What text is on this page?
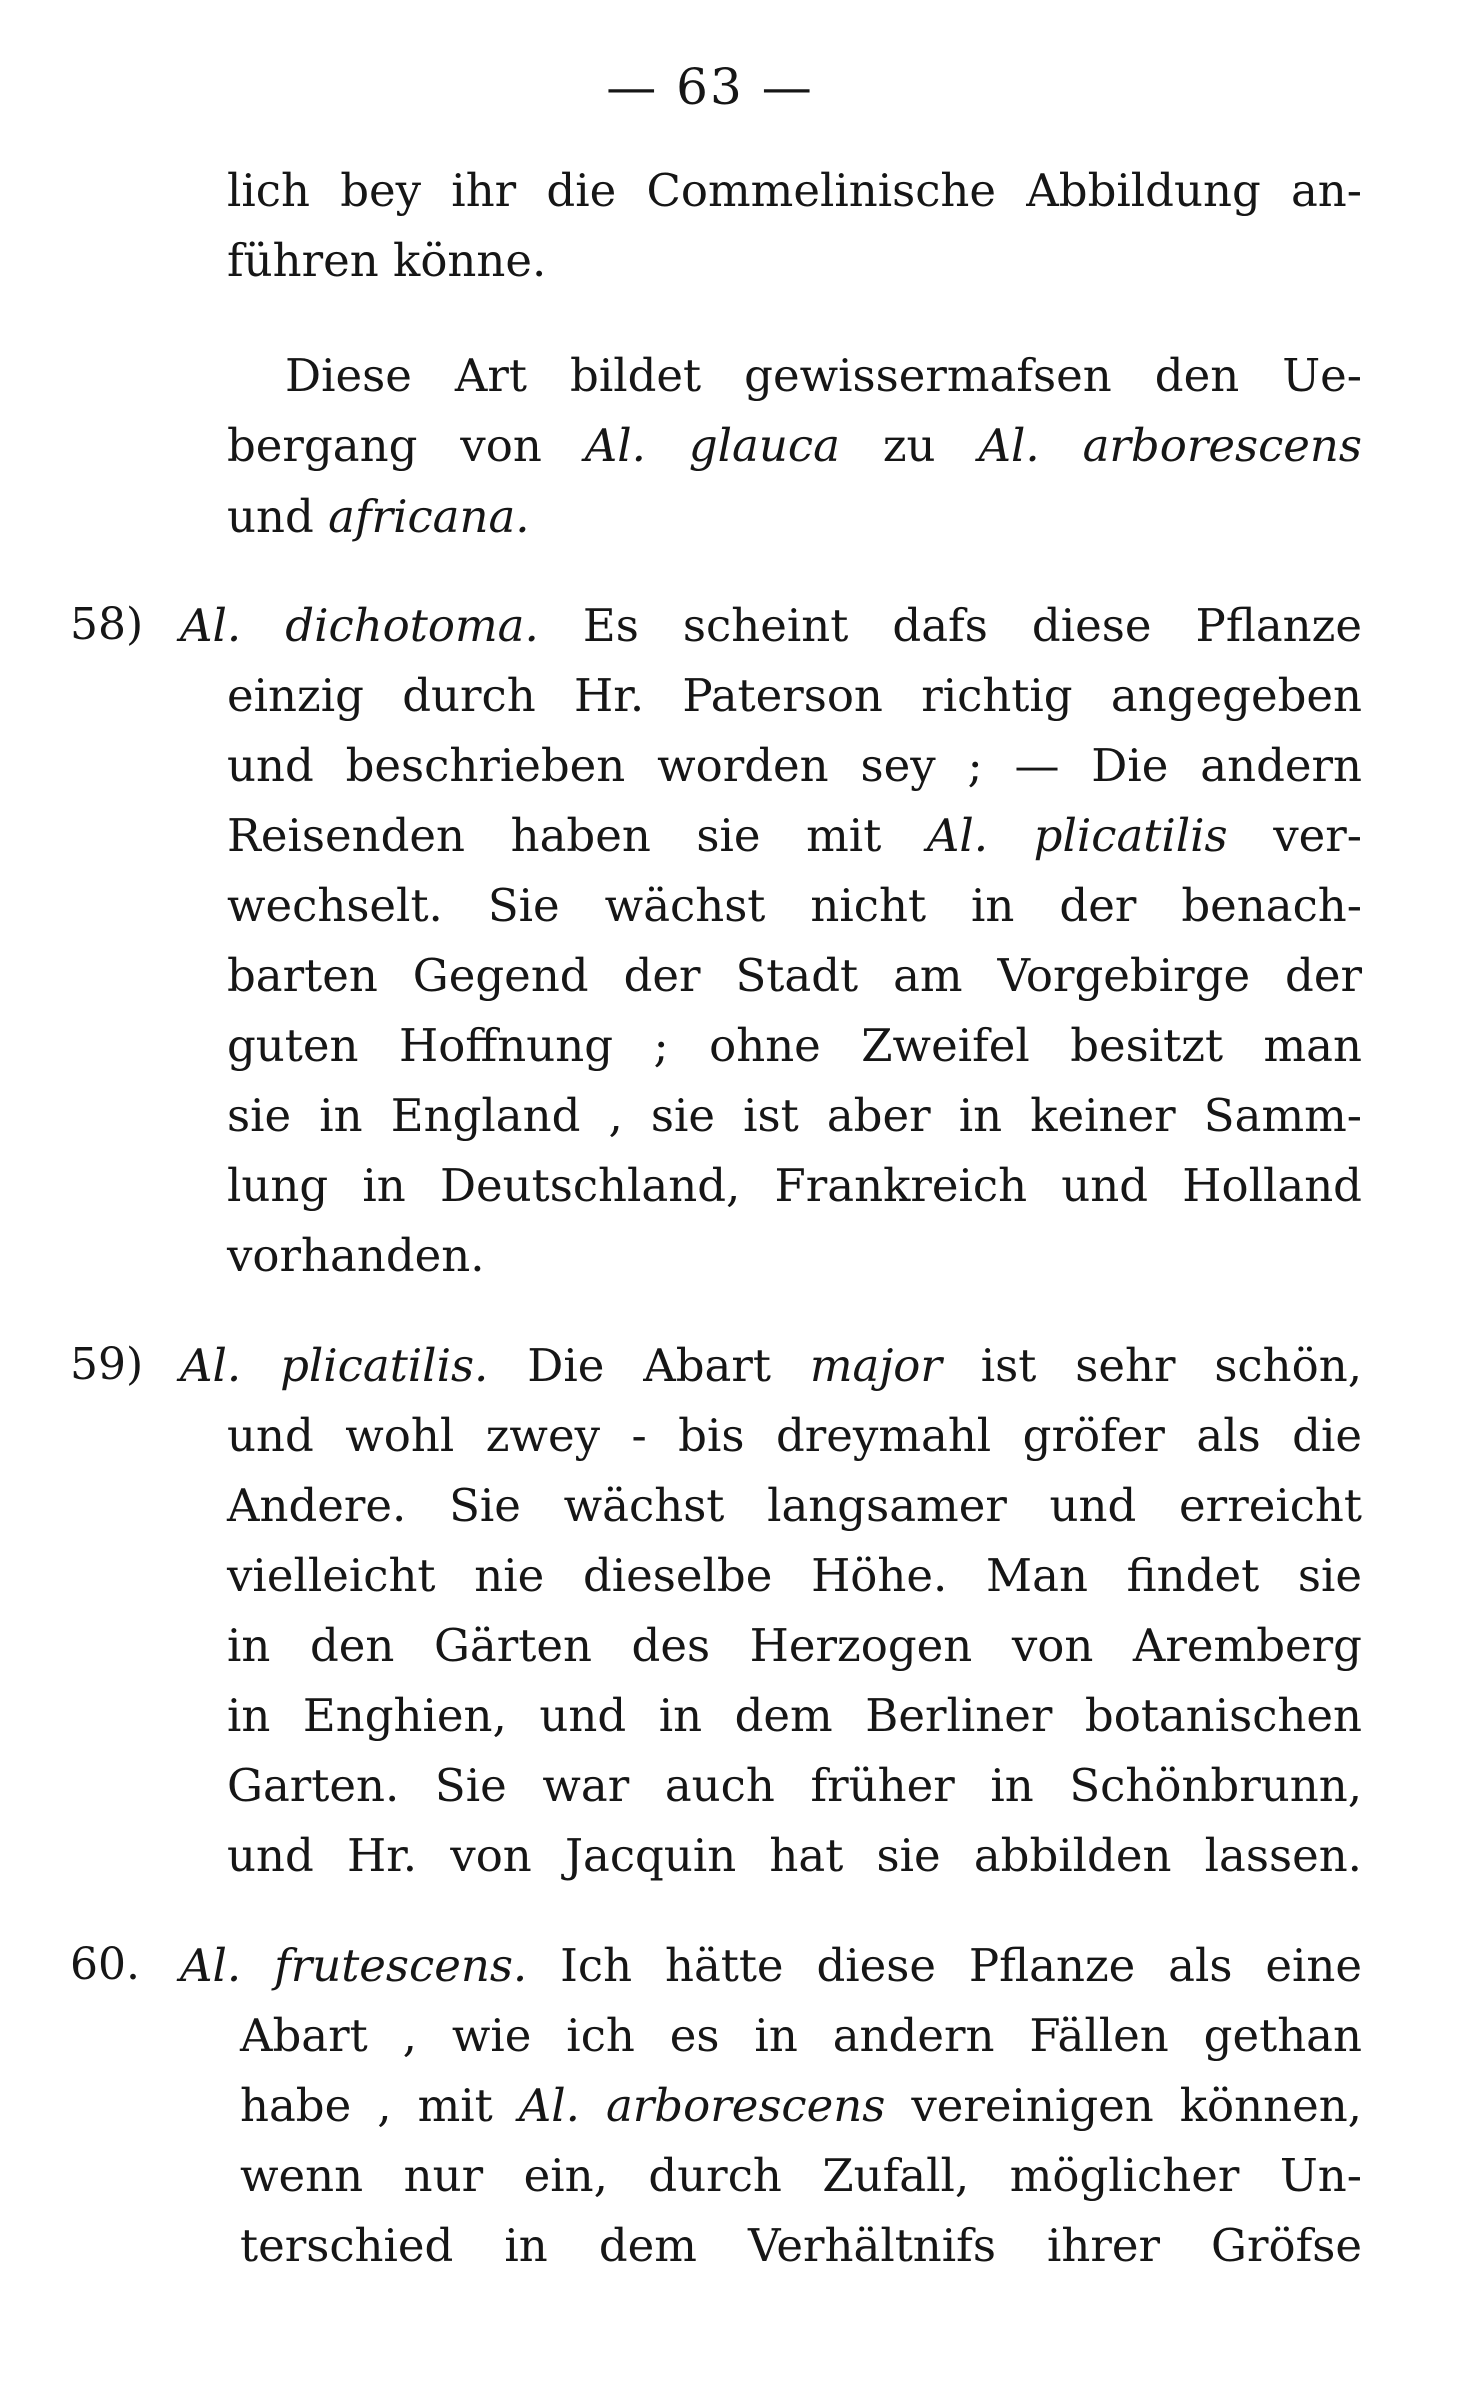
— 63 —
lich bey ihr die Commelinische Abbildung an-
führen könne.
Diese Art bildet gewissermafsen den Ue-
bergang von Al. glauca zu Al. arborescens
und africana.
58) Al. dichotoma. Es scheint dafs diese Pflanze
einzig durch Hr. Paterson richtig angegeben
und beschrieben worden sey ; — Die andern
Reisenden haben sie mit Al. plicatilis ver-
wechselt. Sie wächst nicht in der benach-
barten Gegend der Stadt am Vorgebirge der
guten Hoffnung ; ohne Zweifel besitzt man
sie in England , sie ist aber in keiner Samm-
lung in Deutschland, Frankreich und Holland
vorhanden.
59) Al. plicatilis. Die Abart major ist sehr schön,
und wohl zwey - bis dreymahl gröfer als die
Andere. Sie wächst langsamer und erreicht
vielleicht nie dieselbe Höhe. Man findet sie
in den Gärten des Herzogen von Aremberg
in Enghien, und in dem Berliner botanischen
Garten. Sie war auch früher in Schönbrunn,
und Hr. von Jacquin hat sie abbilden lassen.
60. Al. frutescens. Ich hätte diese Pflanze als eine
Abart , wie ich es in andern Fällen gethan
habe , mit Al. arborescens vereinigen können,
wenn nur ein, durch Zufall, möglicher Un-
terschied in dem Verhältnifs ihrer Gröfse
